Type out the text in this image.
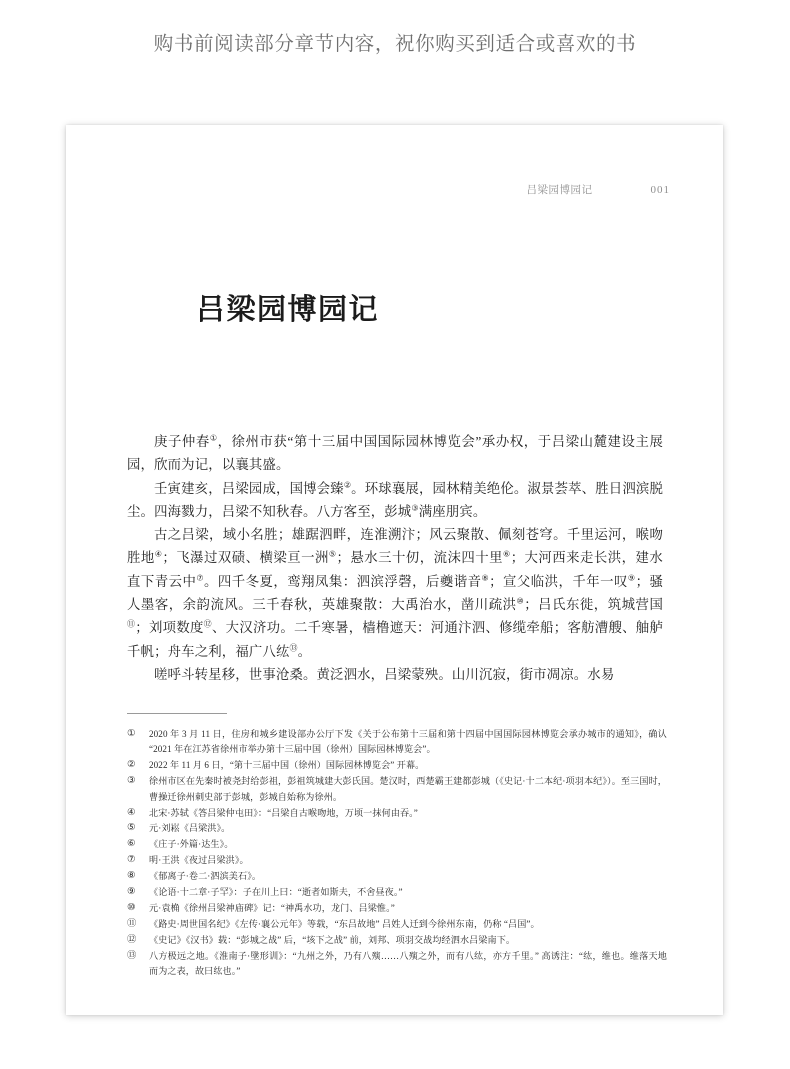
购书前阅读部分章节内容，祝你购买到适合或喜欢的书
吕梁园博园记	001
吕梁园博园记

庚子仲春①，徐州市获“第十三届中国国际园林博览会”承办权，于吕梁山麓建设主展园，欣而为记，以襄其盛。

壬寅建亥，吕梁园成，国博会臻②。环球襄展，园林精美绝伦。淑景荟萃、胜日泗滨脱尘。四海戮力，吕梁不知秋春。八方客至，彭城③满座朋宾。

古之吕梁，域小名胜；雄踞泗畔，连淮溯汴；风云聚散、佩刻苍穹。千里运河，喉吻胜地④；飞瀑过双碛、横梁亘一洲⑤；悬水三十仞，流沫四十里⑥；大河西来走长洪，建水直下青云中⑦。四千冬夏，鸾翔凤集：泗滨浮磬，后夔谐音⑧；宣父临洪，千年一叹⑨；骚人墨客，余韵流风。三千春秋，英雄聚散：大禹治水，凿川疏洪⑩；吕氏东徙，筑城营国⑪；刘项数度⑫、大汉济功。二千寒暑，樯橹遮天：河通汴泗、修缆牵船；客舫漕艘、舳舻千帆；舟车之利，福广八纮⑬。

嗟呼斗转星移，世事沧桑。黄泛泗水，吕梁蒙殃。山川沉寂，街市凋凉。水易

①	2020 年 3 月 11 日，住房和城乡建设部办公厅下发《关于公布第十三届和第十四届中国国际园林博览会承办城市的通知》，确认 “2021 年在江苏省徐州市举办第十三届中国（徐州）国际园林博览会”。
②	2022 年 11 月 6 日，“第十三届中国（徐州）国际园林博览会” 开幕。
③	徐州市区在先秦时被尧封给彭祖，彭祖筑城建大彭氏国。楚汉时，西楚霸王建都彭城（《史记·十二本纪·项羽本纪》）。至三国时，曹操迁徐州刺史部于彭城，彭城自始称为徐州。
④	北宋·苏轼《答吕梁仲屯田》：“吕梁自古喉吻地，万顷一抹何由吞。”
⑤	元·刘崧《吕梁洪》。
⑥	《庄子·外篇·达生》。
⑦	明·王洪《夜过吕梁洪》。
⑧	《郁离子·卷二·泗滨美石》。
⑨	《论语·十二章·子罕》：子在川上曰：“逝者如斯夫，不舍昼夜。”
⑩	元·袁桷《徐州吕梁神庙碑》记：“神禹水功，龙门、吕梁惟。”
⑪	《路史·周世国名纪》《左传·襄公元年》等载，“东吕故地” 吕姓人迁到今徐州东南，仍称 “吕国”。
⑫	《史记》《汉书》载：“彭城之战” 后，“垓下之战” 前，刘邦、项羽交战均经泗水吕梁南下。
⑬	八方极远之地。《淮南子·墬形训》：“九州之外，乃有八殥……八殥之外，而有八纮，亦方千里。” 高诱注：“纮，维也。维落天地而为之表，故曰纮也。”
